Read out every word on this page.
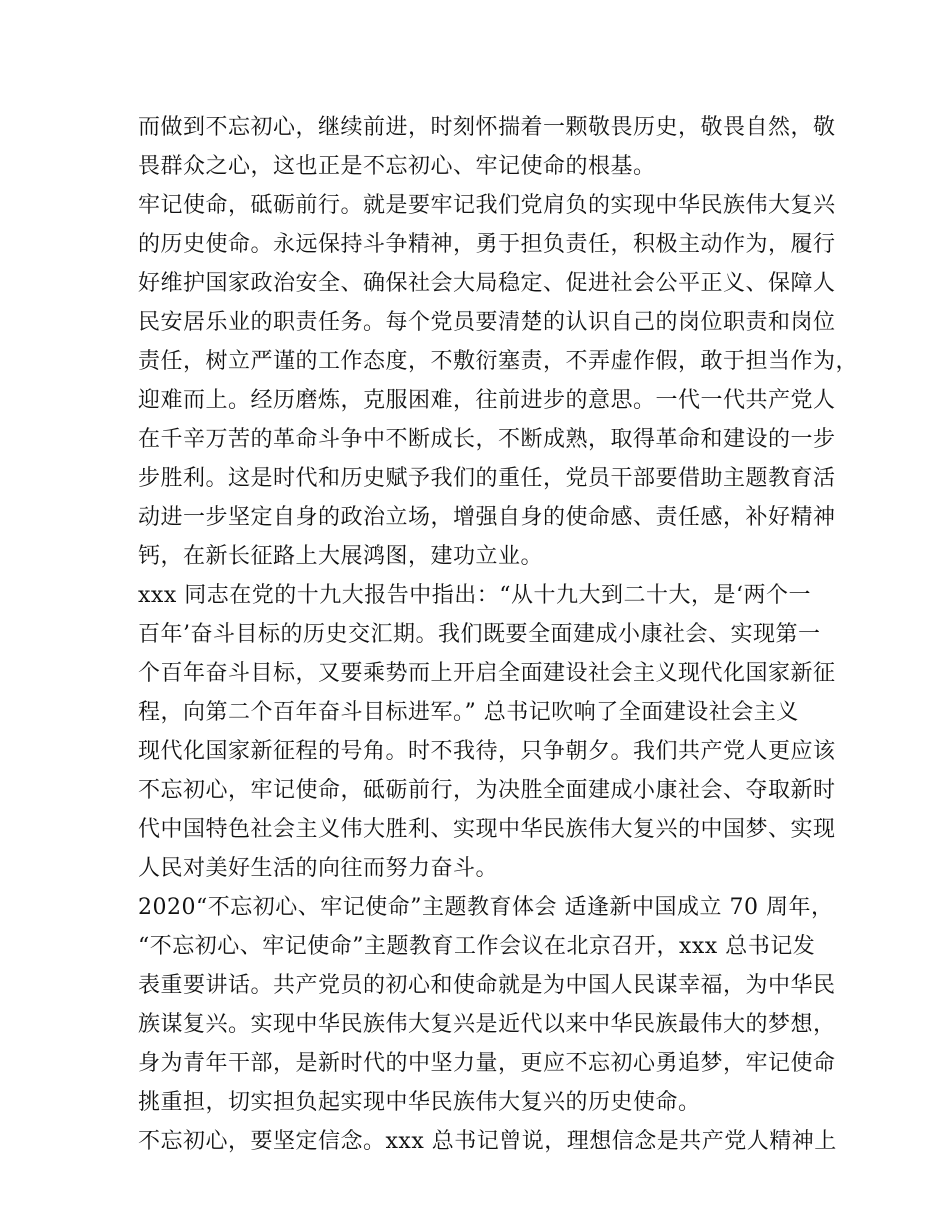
而做到不忘初心，继续前进，时刻怀揣着一颗敬畏历史，敬畏自然，敬
畏群众之心，这也正是不忘初心、牢记使命的根基。
牢记使命，砥砺前行。就是要牢记我们党肩负的实现中华民族伟大复兴
的历史使命。永远保持斗争精神，勇于担负责任，积极主动作为，履行
好维护国家政治安全、确保社会大局稳定、促进社会公平正义、保障人
民安居乐业的职责任务。每个党员要清楚的认识自己的岗位职责和岗位
责任，树立严谨的工作态度，不敷衍塞责，不弄虚作假，敢于担当作为，
迎难而上。经历磨炼，克服困难，往前进步的意思。一代一代共产党人
在千辛万苦的革命斗争中不断成长，不断成熟，取得革命和建设的一步
步胜利。这是时代和历史赋予我们的重任，党员干部要借助主题教育活
动进一步坚定自身的政治立场，增强自身的使命感、责任感，补好精神
钙，在新长征路上大展鸿图，建功立业。
xxx 同志在党的十九大报告中指出：“从十九大到二十大，是‘两个一
百年’奋斗目标的历史交汇期。我们既要全面建成小康社会、实现第一
个百年奋斗目标，又要乘势而上开启全面建设社会主义现代化国家新征
程，向第二个百年奋斗目标进军。” 总书记吹响了全面建设社会主义
现代化国家新征程的号角。时不我待，只争朝夕。我们共产党人更应该
不忘初心，牢记使命，砥砺前行，为决胜全面建成小康社会、夺取新时
代中国特色社会主义伟大胜利、实现中华民族伟大复兴的中国梦、实现
人民对美好生活的向往而努力奋斗。
2020“不忘初心、牢记使命”主题教育体会 适逢新中国成立 70 周年，
“不忘初心、牢记使命”主题教育工作会议在北京召开，xxx 总书记发
表重要讲话。共产党员的初心和使命就是为中国人民谋幸福，为中华民
族谋复兴。实现中华民族伟大复兴是近代以来中华民族最伟大的梦想，
身为青年干部，是新时代的中坚力量，更应不忘初心勇追梦，牢记使命
挑重担，切实担负起实现中华民族伟大复兴的历史使命。
不忘初心，要坚定信念。xxx 总书记曾说，理想信念是共产党人精神上
